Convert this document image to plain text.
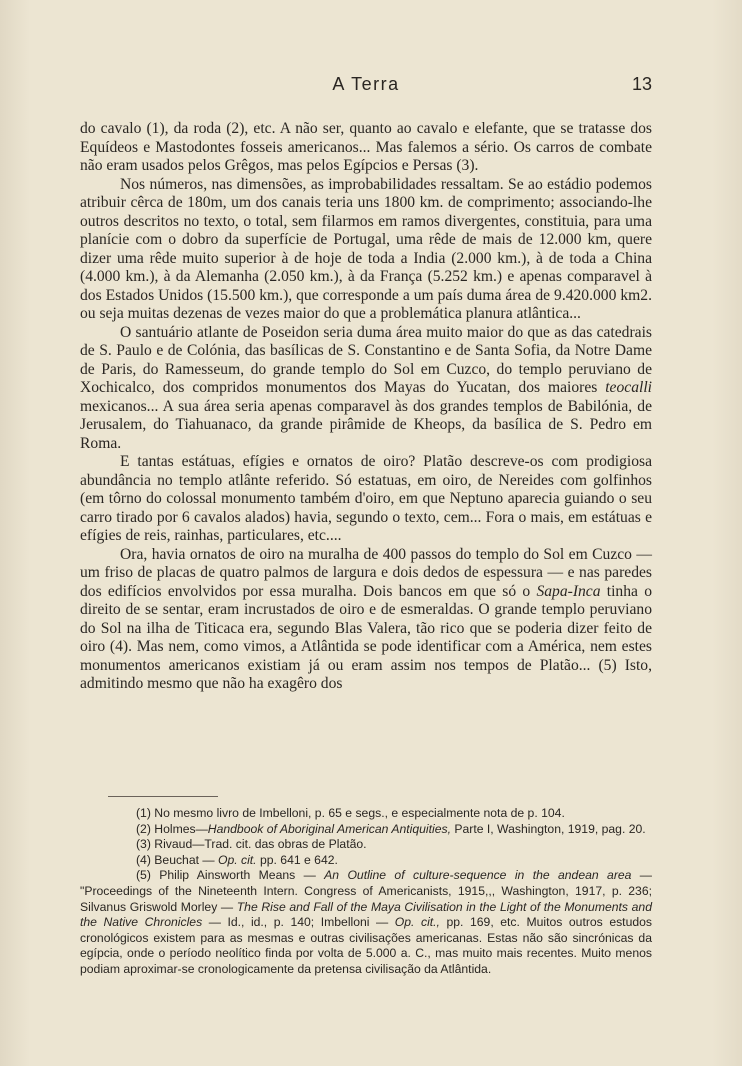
A Terra	13

do cavalo (1), da roda (2), etc. A não ser, quanto ao cavalo e elefante, que se tratasse dos Equídeos e Mastodontes fosseis americanos... Mas falemos a sério. Os carros de combate não eram usados pelos Grêgos, mas pelos Egípcios e Persas (3).

Nos números, nas dimensões, as improbabilidades ressaltam. Se ao estádio podemos atribuir cêrca de 180m, um dos canais teria uns 1800 km. de comprimento; associando-lhe outros descritos no texto, o total, sem filarmos em ramos divergentes, constituia, para uma planície com o dobro da superfície de Portugal, uma rêde de mais de 12.000 km, quere dizer uma rêde muito superior à de hoje de toda a India (2.000 km.), à de toda a China (4.000 km.), à da Alemanha (2.050 km.), à da França (5.252 km.) e apenas comparavel à dos Estados Unidos (15.500 km.), que corresponde a um país duma área de 9.420.000 km2. ou seja muitas dezenas de vezes maior do que a problemática planura atlântica...

O santuário atlante de Poseidon seria duma área muito maior do que as das catedrais de S. Paulo e de Colónia, das basílicas de S. Constantino e de Santa Sofia, da Notre Dame de Paris, do Ramesseum, do grande templo do Sol em Cuzco, do templo peruviano de Xochicalco, dos compridos monumentos dos Mayas do Yucatan, dos maiores teocalli mexicanos... A sua área seria apenas comparavel às dos grandes templos de Babilónia, de Jerusalem, do Tiahuanaco, da grande pirâmide de Kheops, da basílica de S. Pedro em Roma.

E tantas estátuas, efígies e ornatos de oiro? Platão descreve-os com prodigiosa abundância no templo atlânte referido. Só estatuas, em oiro, de Nereides com golfinhos (em tôrno do colossal monumento também d'oiro, em que Neptuno aparecia guiando o seu carro tirado por 6 cavalos alados) havia, segundo o texto, cem... Fora o mais, em estátuas e efígies de reis, rainhas, particulares, etc....

Ora, havia ornatos de oiro na muralha de 400 passos do templo do Sol em Cuzco — um friso de placas de quatro palmos de largura e dois dedos de espessura — e nas paredes dos edifícios envolvidos por essa muralha. Dois bancos em que só o Sapa-Inca tinha o direito de se sentar, eram incrustados de oiro e de esmeraldas. O grande templo peruviano do Sol na ilha de Titicaca era, segundo Blas Valera, tão rico que se poderia dizer feito de oiro (4). Mas nem, como vimos, a Atlântida se pode identificar com a América, nem estes monumentos americanos existiam já ou eram assim nos tempos de Platão... (5) Isto, admitindo mesmo que não ha exagêro dos

(1) No mesmo livro de Imbelloni, p. 65 e segs., e especialmente nota de p. 104.

(2) Holmes—Handbook of Aboriginal American Antiquities, Parte I, Washington, 1919, pag. 20.

(3) Rivaud—Trad. cit. das obras de Platão.

(4) Beuchat — Op. cit. pp. 641 e 642.

(5) Philip Ainsworth Means — An Outline of culture-sequence in the andean area — "Proceedings of the Nineteenth Intern. Congress of Americanists, 1915,,, Washington, 1917, p. 236; Silvanus Griswold Morley — The Rise and Fall of the Maya Civilisation in the Light of the Monuments and the Native Chronicles — Id., id., p. 140; Imbelloni — Op. cit., pp. 169, etc. Muitos outros estudos cronológicos existem para as mesmas e outras civilisações americanas. Estas não são sincrónicas da egípcia, onde o período neolítico finda por volta de 5.000 a. C., mas muito mais recentes. Muito menos podiam aproximar-se cronologicamente da pretensa civilisação da Atlântida.
